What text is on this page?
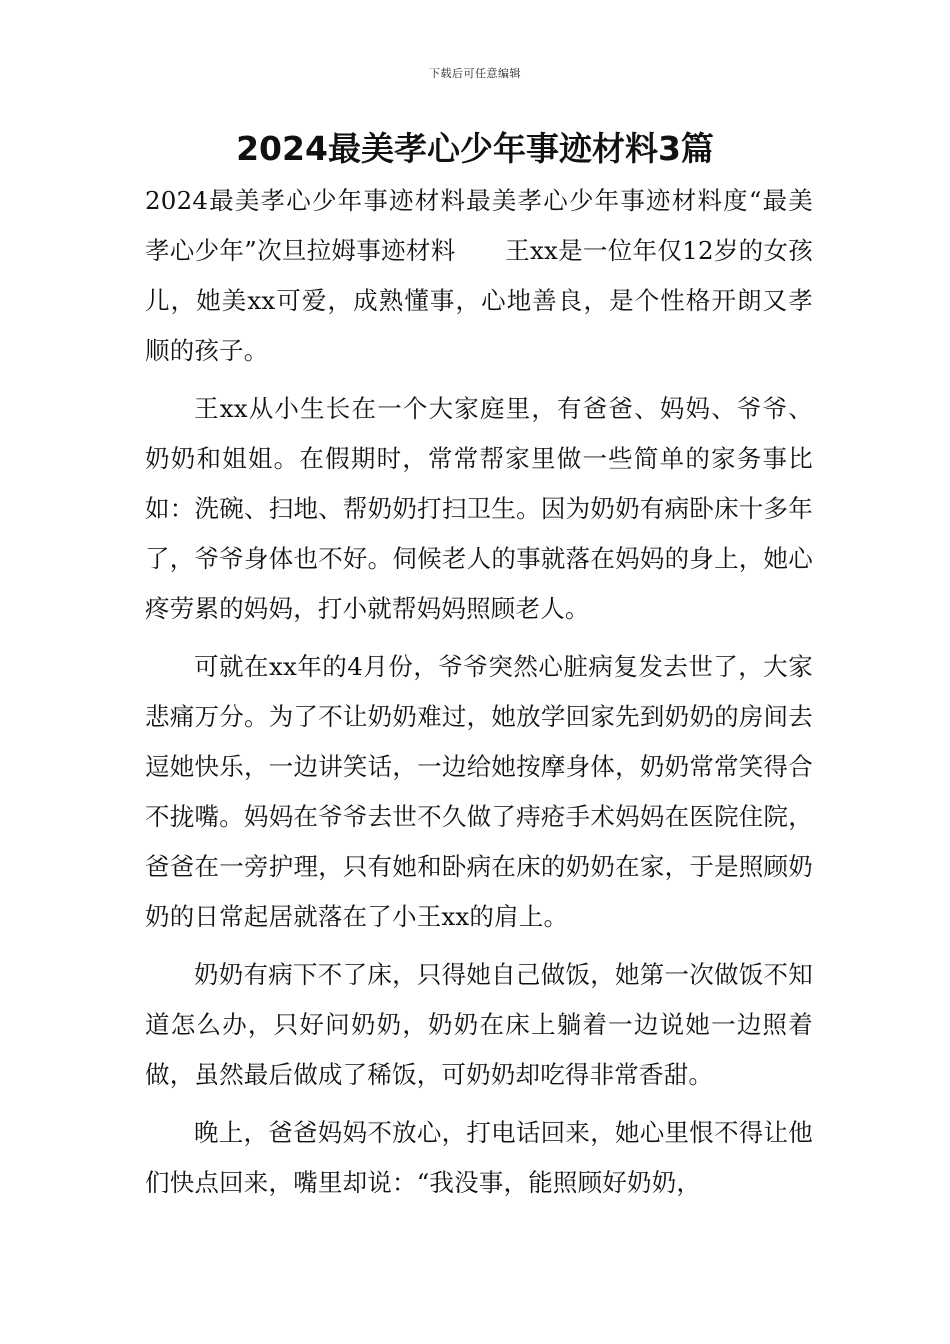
下载后可任意编辑
2024最美孝心少年事迹材料3篇

2024最美孝心少年事迹材料最美孝心少年事迹材料度“最美孝心少年”次旦拉姆事迹材料　　王xx是一位年仅12岁的女孩儿，她美xx可爱，成熟懂事，心地善良，是个性格开朗又孝顺的孩子。

王xx从小生长在一个大家庭里，有爸爸、妈妈、爷爷、奶奶和姐姐。在假期时，常常帮家里做一些简单的家务事比如：洗碗、扫地、帮奶奶打扫卫生。因为奶奶有病卧床十多年了，爷爷身体也不好。伺候老人的事就落在妈妈的身上，她心疼劳累的妈妈，打小就帮妈妈照顾老人。

可就在xx年的4月份，爷爷突然心脏病复发去世了，大家悲痛万分。为了不让奶奶难过，她放学回家先到奶奶的房间去逗她快乐，一边讲笑话，一边给她按摩身体，奶奶常常笑得合不拢嘴。妈妈在爷爷去世不久做了痔疮手术妈妈在医院住院，爸爸在一旁护理，只有她和卧病在床的奶奶在家，于是照顾奶奶的日常起居就落在了小王xx的肩上。

奶奶有病下不了床，只得她自己做饭，她第一次做饭不知道怎么办，只好问奶奶，奶奶在床上躺着一边说她一边照着做，虽然最后做成了稀饭，可奶奶却吃得非常香甜。

晚上，爸爸妈妈不放心，打电话回来，她心里恨不得让他们快点回来，嘴里却说：“我没事，能照顾好奶奶，
